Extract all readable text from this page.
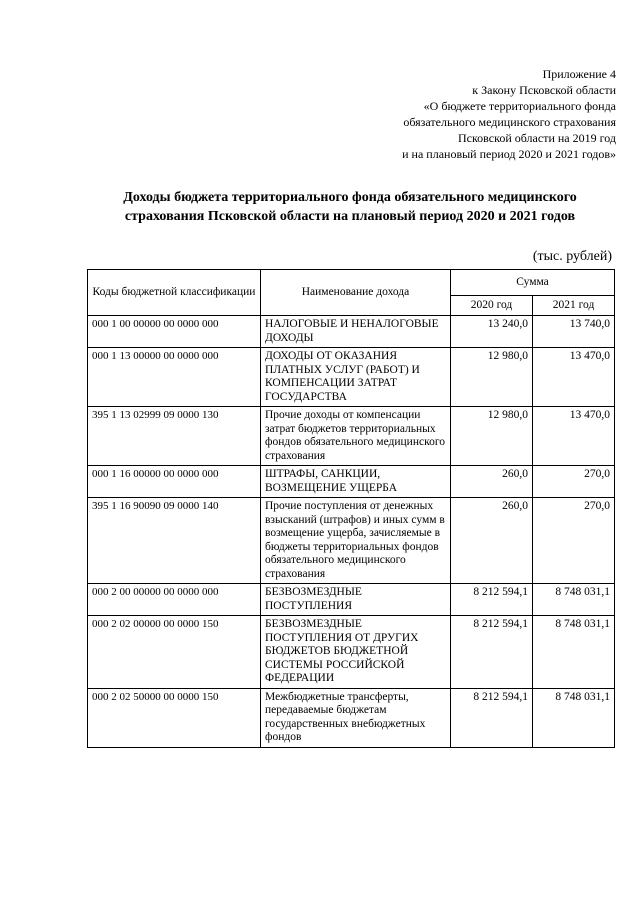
Приложение 4
к Закону Псковской области
«О бюджете территориального фонда
обязательного медицинского страхования
Псковской области на 2019 год
и на плановый период 2020 и 2021 годов»
Доходы бюджета территориального фонда обязательного медицинского
страхования Псковской области на плановый период 2020 и 2021 годов
(тыс. рублей)
Коды бюджетной классификации	Наименование дохода	Сумма	
		2020 год	2021 год
000 1 00 00000 00 0000 000	НАЛОГОВЫЕ И НЕНАЛОГОВЫЕ ДОХОДЫ	13 240,0	13 740,0
000 1 13 00000 00 0000 000	ДОХОДЫ ОТ ОКАЗАНИЯ ПЛАТНЫХ УСЛУГ (РАБОТ) И КОМПЕНСАЦИИ ЗАТРАТ ГОСУДАРСТВА	12 980,0	13 470,0
395 1 13 02999 09 0000 130	Прочие доходы от компенсации затрат бюджетов территориальных фондов обязательного медицинского страхования	12 980,0	13 470,0
000 1 16 00000 00 0000 000	ШТРАФЫ, САНКЦИИ, ВОЗМЕЩЕНИЕ УЩЕРБА	260,0	270,0
395 1 16 90090 09 0000 140	Прочие поступления от денежных взысканий (штрафов) и иных сумм в возмещение ущерба, зачисляемые в бюджеты территориальных фондов обязательного медицинского страхования	260,0	270,0
000 2 00 00000 00 0000 000	БЕЗВОЗМЕЗДНЫЕ ПОСТУПЛЕНИЯ	8 212 594,1	8 748 031,1
000 2 02 00000 00 0000 150	БЕЗВОЗМЕЗДНЫЕ ПОСТУПЛЕНИЯ ОТ ДРУГИХ БЮДЖЕТОВ БЮДЖЕТНОЙ СИСТЕМЫ РОССИЙСКОЙ ФЕДЕРАЦИИ	8 212 594,1	8 748 031,1
000 2 02 50000 00 0000 150	Межбюджетные трансферты, передаваемые бюджетам государственных внебюджетных фондов	8 212 594,1	8 748 031,1
